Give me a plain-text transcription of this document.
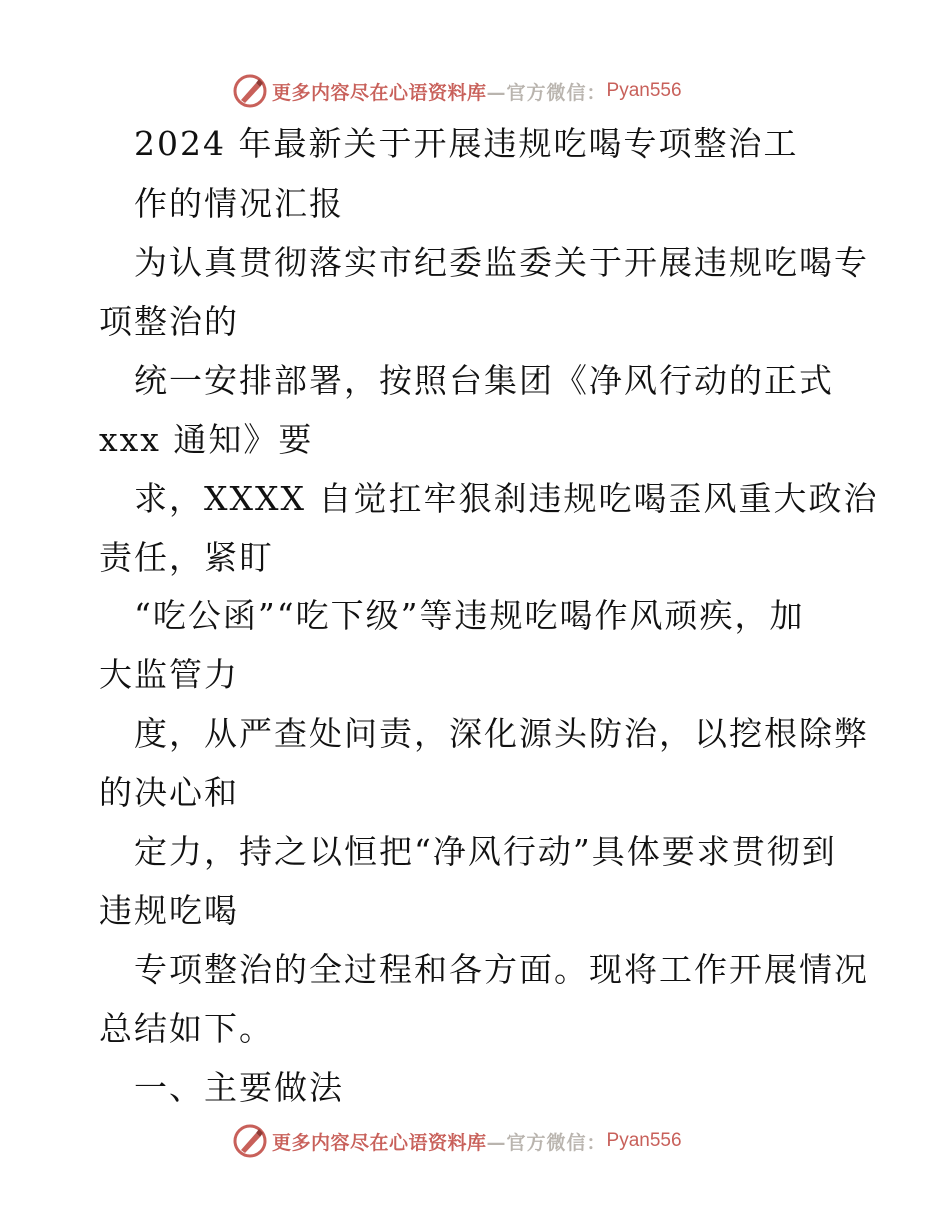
更多内容尽在心语资料库 —官方微信： Pyan556
2024 年最新关于开展违规吃喝专项整治工
作的情况汇报
为认真贯彻落实市纪委监委关于开展违规吃喝专
项整治的
统一安排部署，按照台集团《净风行动的正式
xxx 通知》要
求，XXXX 自觉扛牢狠刹违规吃喝歪风重大政治
责任，紧盯
“吃公函”“吃下级”等违规吃喝作风顽疾，加
大监管力
度，从严查处问责，深化源头防治，以挖根除弊
的决心和
定力，持之以恒把“净风行动”具体要求贯彻到
违规吃喝
专项整治的全过程和各方面。现将工作开展情况
总结如下。
一、主要做法
更多内容尽在心语资料库 —官方微信： Pyan556
